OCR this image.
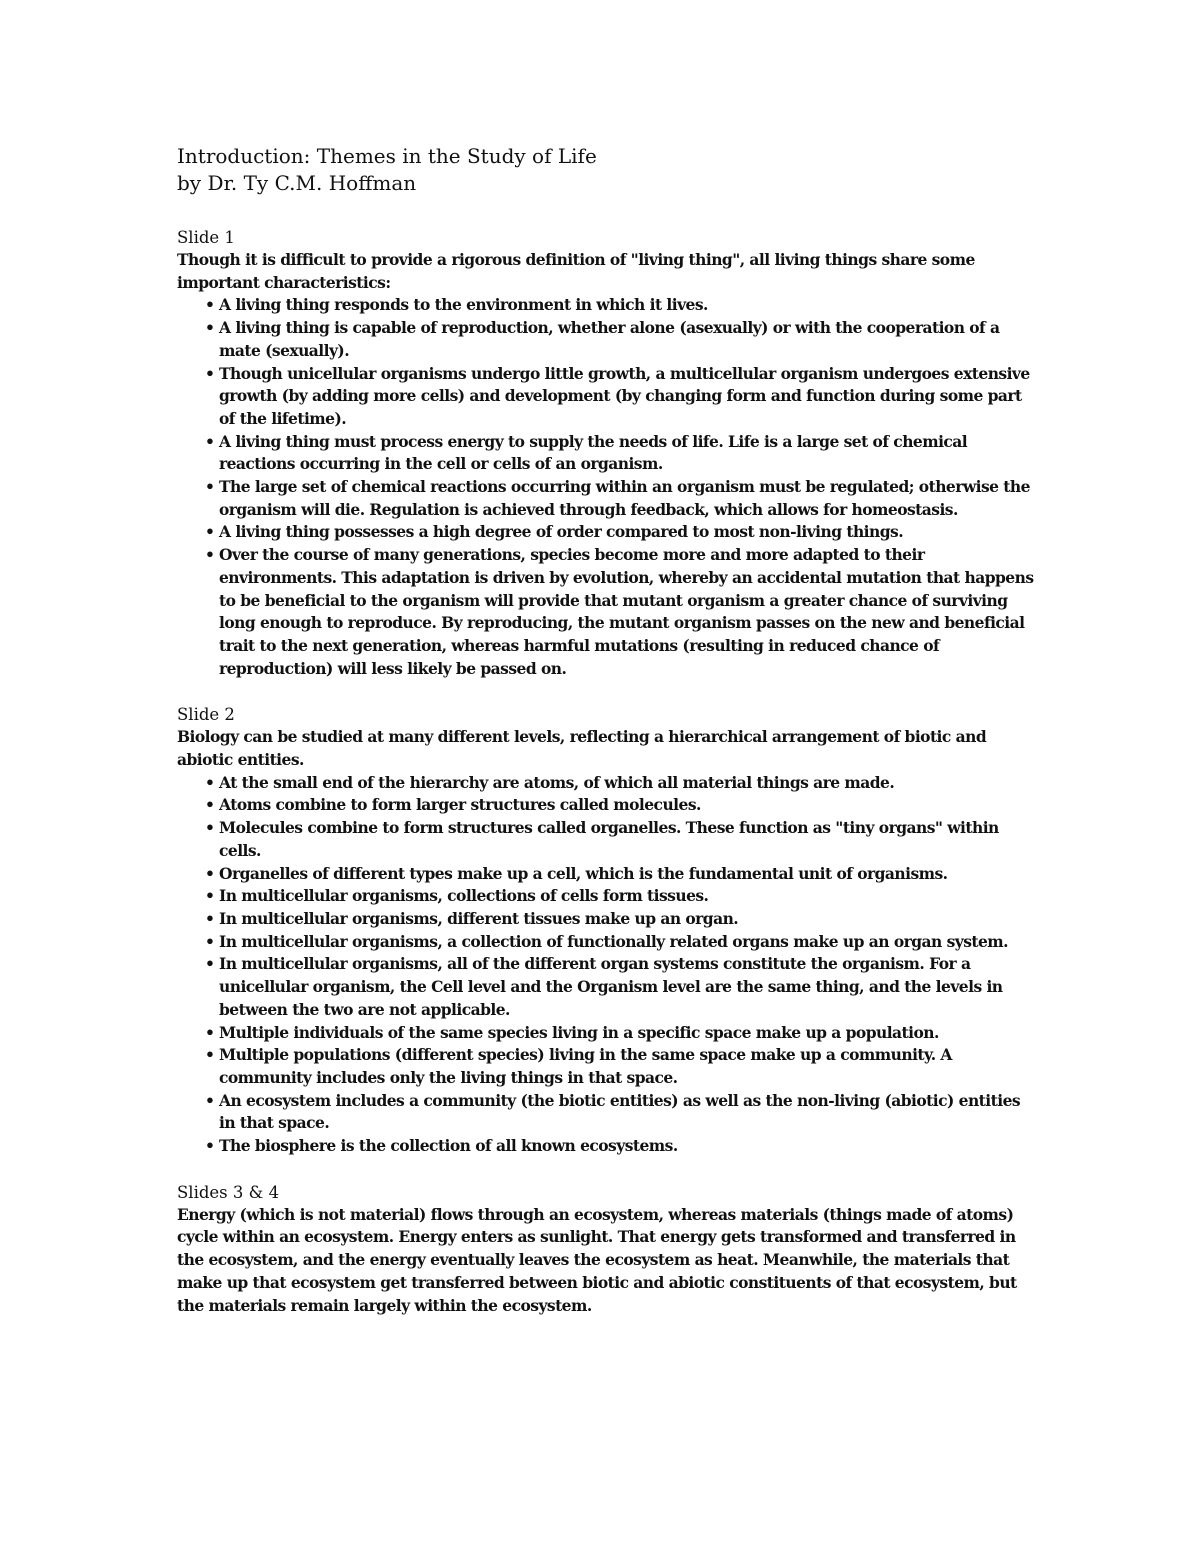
Introduction: Themes in the Study of Life
by Dr. Ty C.M. Hoffman
Slide 1

Though it is difficult to provide a rigorous definition of "living thing", all living things share some important characteristics:

• A living thing responds to the environment in which it lives.
• A living thing is capable of reproduction, whether alone (asexually) or with the cooperation of a mate (sexually).
• Though unicellular organisms undergo little growth, a multicellular organism undergoes extensive growth (by adding more cells) and development (by changing form and function during some part of the lifetime).
• A living thing must process energy to supply the needs of life. Life is a large set of chemical reactions occurring in the cell or cells of an organism.
• The large set of chemical reactions occurring within an organism must be regulated; otherwise the organism will die. Regulation is achieved through feedback, which allows for homeostasis.
• A living thing possesses a high degree of order compared to most non-living things.
• Over the course of many generations, species become more and more adapted to their environments. This adaptation is driven by evolution, whereby an accidental mutation that happens to be beneficial to the organism will provide that mutant organism a greater chance of surviving long enough to reproduce. By reproducing, the mutant organism passes on the new and beneficial trait to the next generation, whereas harmful mutations (resulting in reduced chance of reproduction) will less likely be passed on.
Slide 2

Biology can be studied at many different levels, reflecting a hierarchical arrangement of biotic and abiotic entities.

• At the small end of the hierarchy are atoms, of which all material things are made.
• Atoms combine to form larger structures called molecules.
• Molecules combine to form structures called organelles. These function as "tiny organs" within cells.
• Organelles of different types make up a cell, which is the fundamental unit of organisms.
• In multicellular organisms, collections of cells form tissues.
• In multicellular organisms, different tissues make up an organ.
• In multicellular organisms, a collection of functionally related organs make up an organ system.
• In multicellular organisms, all of the different organ systems constitute the organism. For a unicellular organism, the Cell level and the Organism level are the same thing, and the levels in between the two are not applicable.
• Multiple individuals of the same species living in a specific space make up a population.
• Multiple populations (different species) living in the same space make up a community. A community includes only the living things in that space.
• An ecosystem includes a community (the biotic entities) as well as the non-living (abiotic) entities in that space.
• The biosphere is the collection of all known ecosystems.
Slides 3 & 4

Energy (which is not material) flows through an ecosystem, whereas materials (things made of atoms) cycle within an ecosystem. Energy enters as sunlight. That energy gets transformed and transferred in the ecosystem, and the energy eventually leaves the ecosystem as heat. Meanwhile, the materials that make up that ecosystem get transferred between biotic and abiotic constituents of that ecosystem, but the materials remain largely within the ecosystem.
